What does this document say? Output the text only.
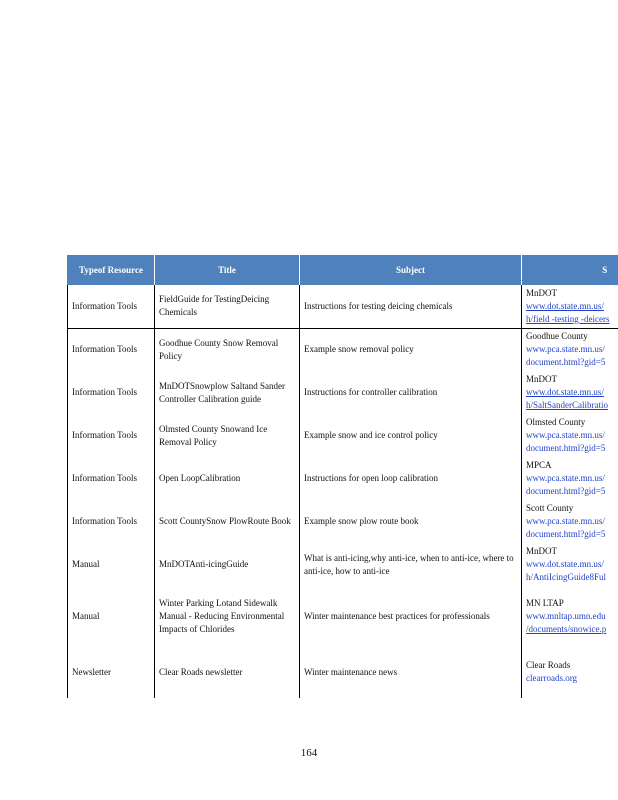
Typeof Resource	Title	Subject	S
Information Tools	FieldGuide for TestingDeicing Chemicals	Instructions for testing deicing chemicals	MnDOT
www.dot.state.mn.us/
h/field -testing -deicers

Information Tools	Goodhue County Snow Removal Policy	Example snow removal policy	Goodhue County
www.pca.state.mn.us/
document.html?gid=5

Information Tools	MnDOTSnowplow Saltand Sander Controller Calibration guide	Instructions for controller calibration	MnDOT
www.dot.state.mn.us/
h/SaltSanderCalibratio

Information Tools	Olmsted County Snowand Ice Removal Policy	Example snow and ice control policy	Olmsted County
www.pca.state.mn.us/
document.html?gid=5

Information Tools	Open LoopCalibration	Instructions for open loop calibration	MPCA
www.pca.state.mn.us/
document.html?gid=5

Information Tools	Scott CountySnow PlowRoute Book	Example snow plow route book	Scott County
www.pca.state.mn.us/
document.html?gid=5

Manual	MnDOTAnti-icingGuide	What is anti-icing,why anti-ice, when to anti-ice, where to anti-ice, how to anti-ice	MnDOT
www.dot.state.mn.us/
h/AntiIcingGuide8Ful

Manual	Winter Parking Lotand Sidewalk Manual - Reducing Environmental Impacts of Chlorides	Winter maintenance best practices for professionals	MN LTAP
www.mnltap.umn.edu
/documents/snowice.p

Newsletter	Clear Roads newsletter	Winter maintenance news	Clear Roads
clearroads.org
164
